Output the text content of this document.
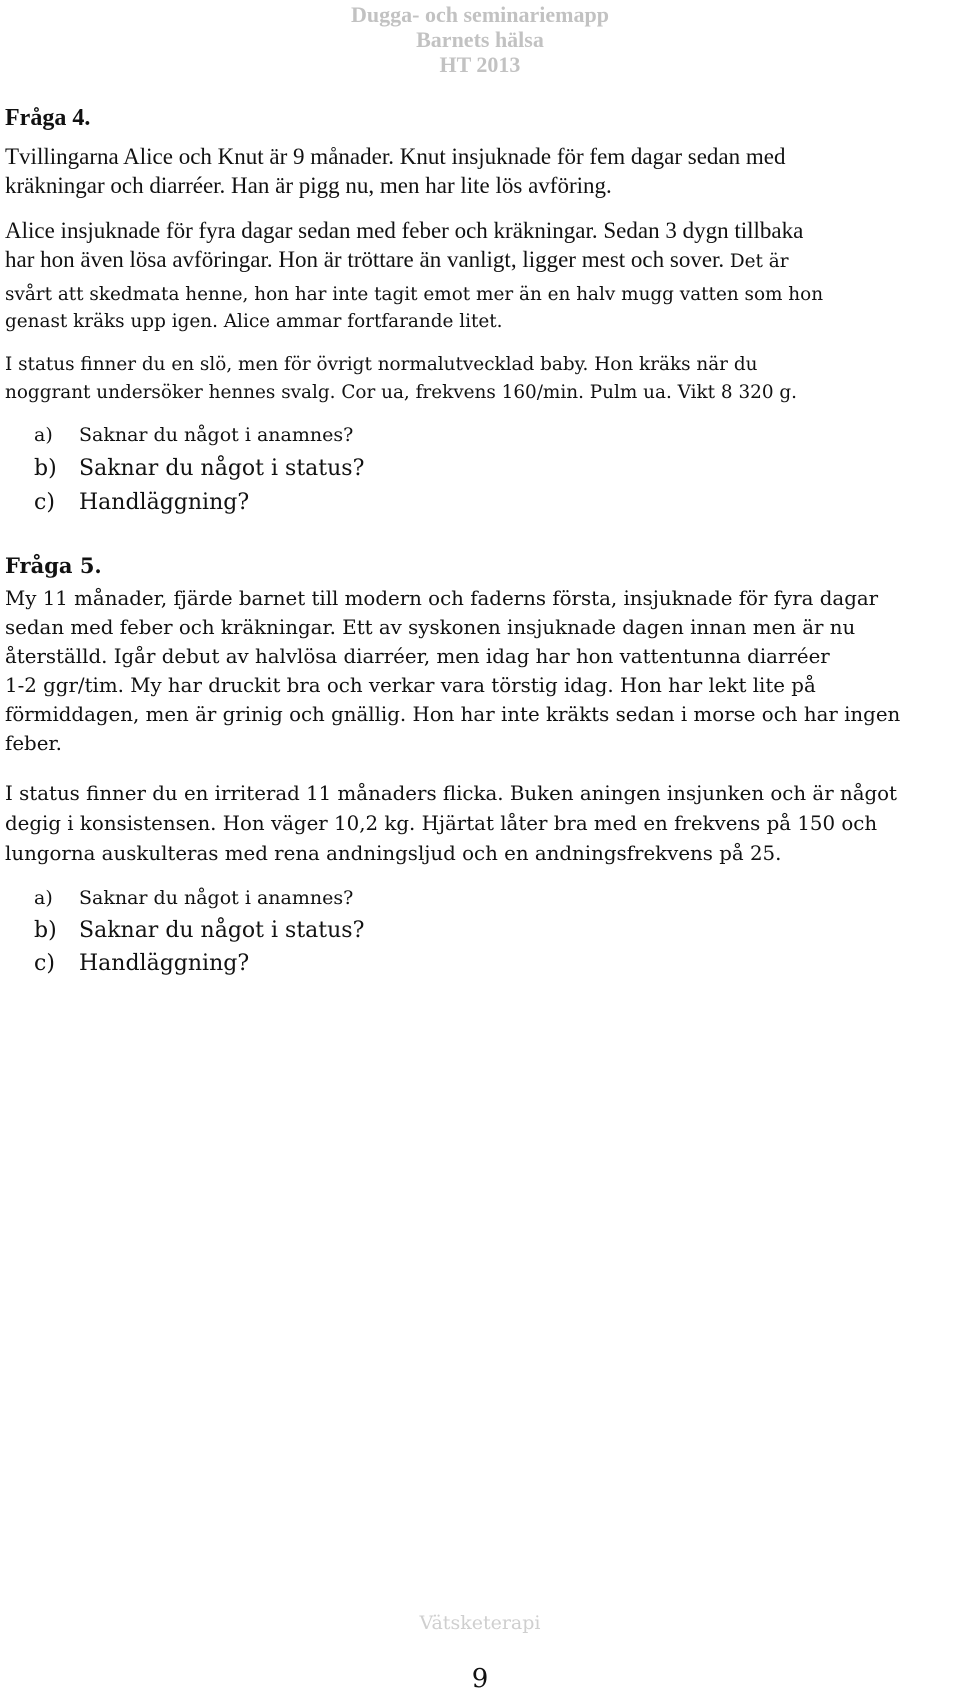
Dugga- och seminariemapp
Barnets hälsa
HT 2013
Fråga 4.
Tvillingarna Alice och Knut är 9 månader. Knut insjuknade för fem dagar sedan med
kräkningar och diarréer. Han är pigg nu, men har lite lös avföring.
Alice insjuknade för fyra dagar sedan med feber och kräkningar. Sedan 3 dygn tillbaka
har hon även lösa avföringar. Hon är tröttare än vanligt, ligger mest och sover. Det är
svårt att skedmata henne, hon har inte tagit emot mer än en halv mugg vatten som hon
genast kräks upp igen. Alice ammar fortfarande litet.
I status finner du en slö, men för övrigt normalutvecklad baby. Hon kräks när du
noggrant undersöker hennes svalg. Cor ua, frekvens 160/min. Pulm ua. Vikt 8 320 g.
a) Saknar du något i anamnes?
b) Saknar du något i status?
c) Handläggning?
Fråga 5.
My 11 månader, fjärde barnet till modern och faderns första, insjuknade för fyra dagar
sedan med feber och kräkningar. Ett av syskonen insjuknade dagen innan men är nu
återställd. Igår debut av halvlösa diarréer, men idag har hon vattentunna diarréer
1-2 ggr/tim. My har druckit bra och verkar vara törstig idag. Hon har lekt lite på
förmiddagen, men är grinig och gnällig. Hon har inte kräkts sedan i morse och har ingen
feber.
I status finner du en irriterad 11 månaders flicka. Buken aningen insjunken och är något
degig i konsistensen. Hon väger 10,2 kg. Hjärtat låter bra med en frekvens på 150 och
lungorna auskulteras med rena andningsljud och en andningsfrekvens på 25.
a) Saknar du något i anamnes?
b) Saknar du något i status?
c) Handläggning?
Vätsketerapi
9
